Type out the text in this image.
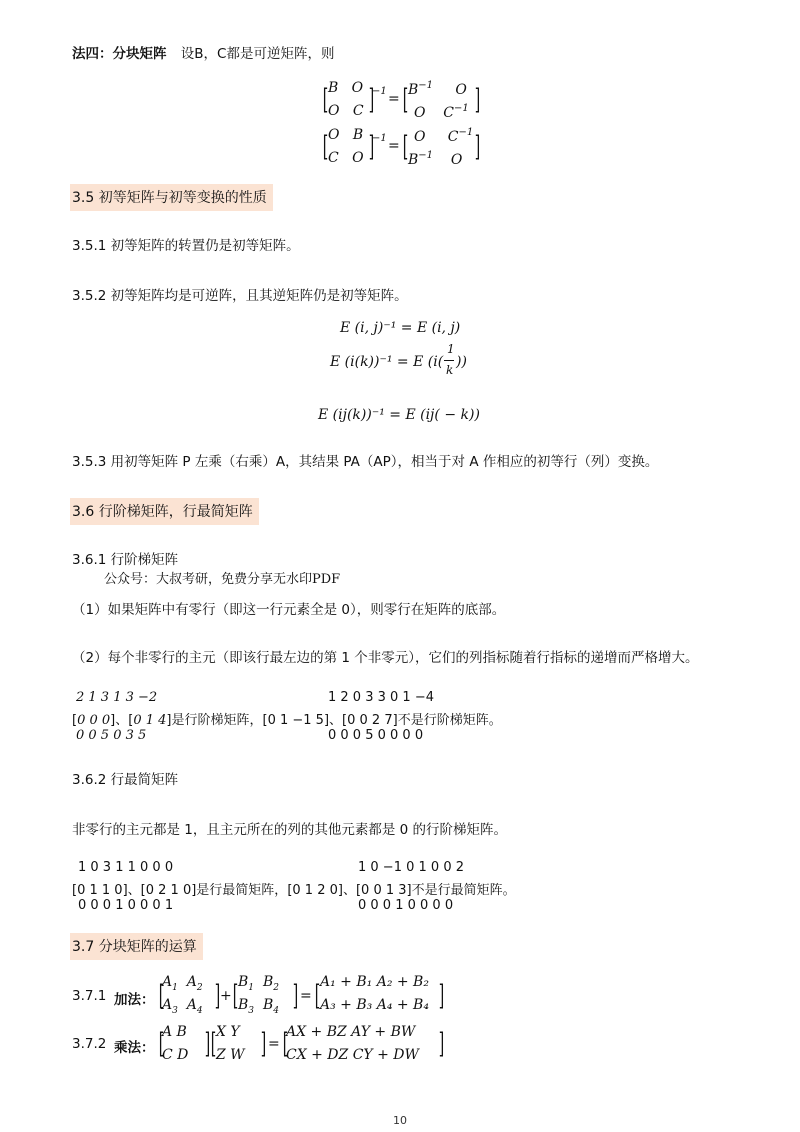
法四：分块矩阵 设B，C都是可逆矩阵，则
[ B O
O C ]
−1 = [ $B^{-1}$ O
O $C^{-1}$ ]
[ O B
C O ]
−1 = [ O $C^{-1}$
$B^{-1}$ O ]
3.5 初等矩阵与初等变换的性质
3.5.1 初等矩阵的转置仍是初等矩阵。
3.5.2 初等矩阵均是可逆阵，且其逆矩阵仍是初等矩阵。
E (i, j)⁻¹ = E (i, j)
E (i(k))⁻¹ = E (i(
1
k ))
E (ij(k))⁻¹ = E (ij( − k))
3.5.3 用初等矩阵 P 左乘（右乘）A，其结果 PA（AP），相当于对 A 作相应的初等行（列）变换。
3.6 行阶梯矩阵，行最简矩阵
3.6.1 行阶梯矩阵
公众号：大叔考研，免费分享无水印PDF
（1）如果矩阵中有零行（即这一行元素全是 0），则零行在矩阵的底部。
（2）每个非零行的主元（即该行最左边的第 1 个非零元），它们的列指标随着行指标的递增而严格增大。
2 1 3 1 3 −2
[0 0 0]、[0 1 4]是行阶梯矩阵，[0 1 −1 5]、[0 0 2 7]不是行阶梯矩阵。
0 0 5 0 3 5
1 2 0 3 3 0 1 −4
0 0 0 5 0 0 0 0
3.6.2 行最简矩阵
非零行的主元都是 1，且主元所在的列的其他元素都是 0 的行阶梯矩阵。
1 0 3 1 1 0 0 0
[0 1 1 0]、[0 2 1 0]是行最简矩阵，[0 1 2 0]、[0 0 1 3]不是行最简矩阵。
0 0 0 1 0 0 0 1
1 0 −1 0 1 0 0 2
0 0 0 1 0 0 0 0
3.7 分块矩阵的运算
3.7.1 加法： [
$A_1$ $A_2$
$A_3$ $A_4$ ] + [ $B_1$ $B_2$
$B_3$ $B_4$ ] = [ A₁ + B₁ A₂ + B₂
A₃ + B₃ A₄ + B₄ ]
3.7.2 乘法： [
A B
C D ] [ X Y
Z W ] = [
AX + BZ AY + BW
CX + DZ CY + DW ]
10
